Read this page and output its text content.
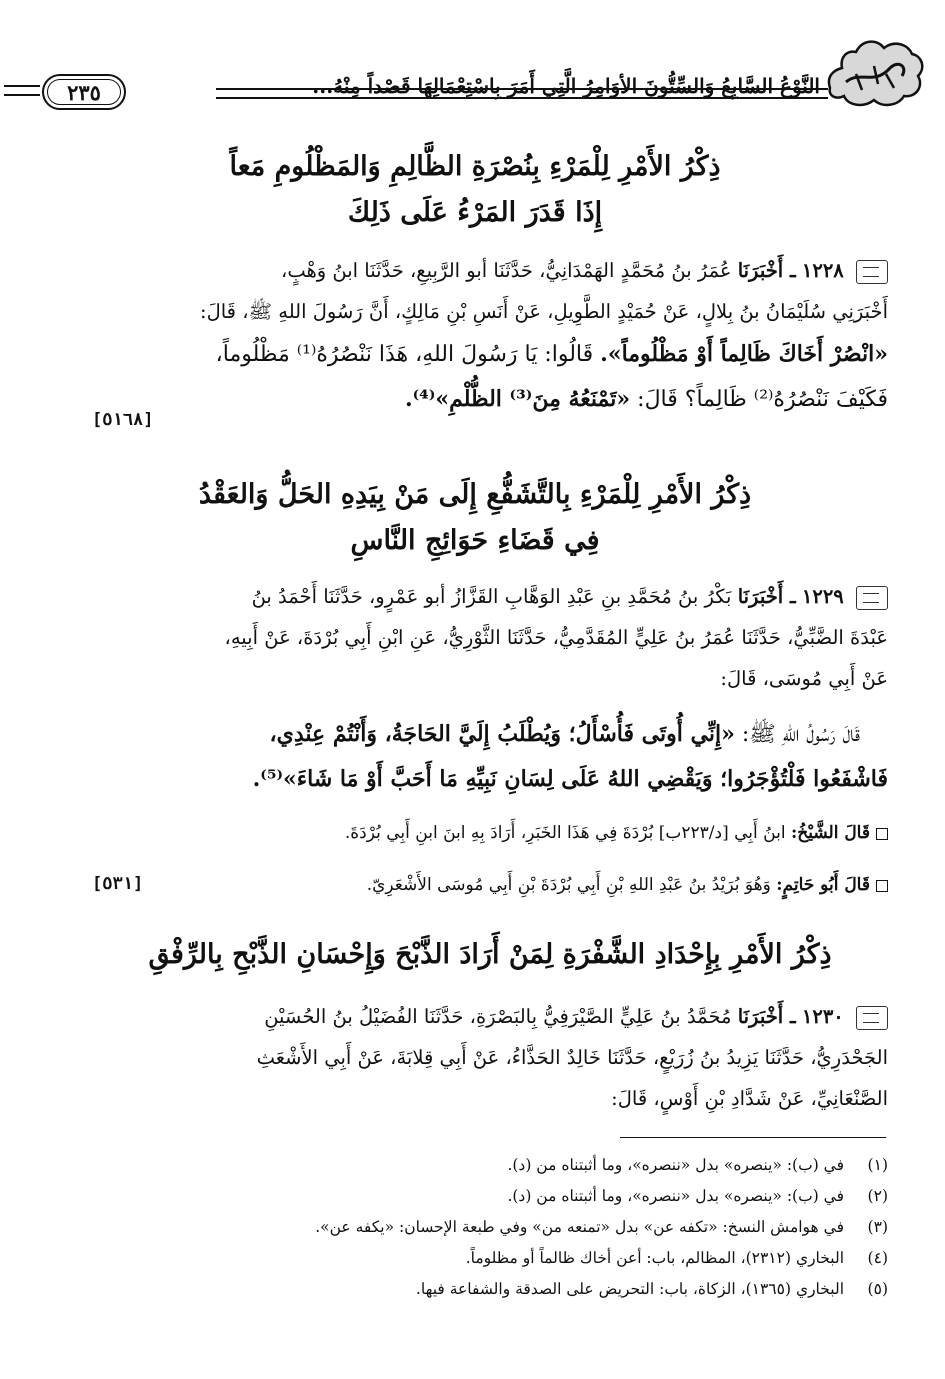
النَّوْعُ السَّابِعُ وَالسِّتُّونَ الأوَامِرُ الَّتِي أَمَرَ بِاسْتِعْمَالِهَا قَصْداً مِنْهُ...
٢٣٥
ذِكْرُ الأَمْرِ لِلْمَرْءِ بِنُصْرَةِ الظَّالِمِ وَالمَظْلُومِ مَعاً
إِذَا قَدَرَ المَرْءُ عَلَى ذَلِكَ
١٢٢٨ ـ أَخْبَرَنَا عُمَرُ بنُ مُحَمَّدٍ الهَمْدَانِيُّ، حَدَّثَنَا أبو الرَّبِيعِ، حَدَّثَنَا ابنُ وَهْبٍ،
أَخْبَرَنِي سُلَيْمَانُ بنُ بِلالٍ، عَنْ حُمَيْدٍ الطَّوِيلِ، عَنْ أَنَسِ بْنِ مَالِكٍ، أَنَّ رَسُولَ اللهِ ﷺ، قَالَ:
«انْصُرْ أَخَاكَ ظَالِماً أَوْ مَظْلُوماً». قَالُوا: يَا رَسُولَ اللهِ، هَذَا نَنْصُرُهُ⁽¹⁾ مَظْلُوماً،
فَكَيْفَ نَنْصُرُهُ⁽²⁾ ظَالِماً؟ قَالَ: «تَمْنَعُهُ مِنَ⁽³⁾ الظُّلْمِ»⁽⁴⁾.
[٥١٦٨]
ذِكْرُ الأَمْرِ لِلْمَرْءِ بِالتَّشَفُّعِ إِلَى مَنْ بِيَدِهِ الحَلُّ وَالعَقْدُ
فِي قَضَاءِ حَوَائِجِ النَّاسِ
١٢٢٩ ـ أَخْبَرَنَا بَكْرُ بنُ مُحَمَّدِ بنِ عَبْدِ الوَهَّابِ القَزَّازُ أبو عَمْرٍو، حَدَّثَنَا أَحْمَدُ بنُ
عَبْدَةَ الضَّبِّيُّ، حَدَّثَنَا عُمَرُ بنُ عَلِيٍّ المُقَدَّمِيُّ، حَدَّثَنَا الثَّوْرِيُّ، عَنِ ابْنِ أَبِي بُرْدَةَ، عَنْ أَبِيهِ،
عَنْ أَبِي مُوسَى، قَالَ:
قَالَ رَسُولُ اللهِ ﷺ: «إِنِّي أُوتَى فَأُسْأَلُ؛ وَيُطْلَبُ إِلَيَّ الحَاجَةُ، وَأَنْتُمْ عِنْدِي،
فَاشْفَعُوا فَلْتُؤْجَرُوا؛ وَيَقْضِي اللهُ عَلَى لِسَانِ نَبِيِّهِ مَا أَحَبَّ أَوْ مَا شَاءَ»⁽⁵⁾.
قَالَ الشَّيْخُ: ابنُ أَبِي [د/٢٢٣ب] بُرْدَةَ فِي هَذَا الخَبَرِ، أَرَادَ بِهِ ابنَ ابنِ أَبِي بُرْدَةَ.
قَالَ أَبُو حَاتِمٍ: وَهُوَ بُرَيْدُ بنُ عَبْدِ اللهِ بْنِ أَبِي بُرْدَةَ بْنِ أَبِي مُوسَى الأَشْعَرِيّ.
[٥٣١]
ذِكْرُ الأَمْرِ بِإِحْدَادِ الشَّفْرَةِ لِمَنْ أَرَادَ الذَّبْحَ وَإِحْسَانِ الذَّبْحِ بِالرِّفْقِ
١٢٣٠ ـ أَخْبَرَنَا مُحَمَّدُ بنُ عَلِيٍّ الصَّيْرَفِيُّ بِالبَصْرَةِ، حَدَّثَنَا الفُضَيْلُ بنُ الحُسَيْنِ
الجَحْدَرِيُّ، حَدَّثَنَا يَزِيدُ بنُ زُرَيْعٍ، حَدَّثَنَا خَالِدٌ الحَذَّاءُ، عَنْ أَبِي قِلابَةَ، عَنْ أَبِي الأَشْعَثِ
الصَّنْعَانِيِّ، عَنْ شَدَّادِ بْنِ أَوْسٍ، قَالَ:
(١)في (ب): «ينصره» بدل «ننصره»، وما أثبتناه من (د).
(٢)في (ب): «ينصره» بدل «ننصره»، وما أثبتناه من (د).
(٣)في هوامش النسخ: «تكفه عن» بدل «تمنعه من» وفي طبعة الإحسان: «يكفه عن».
(٤)البخاري (٢٣١٢)، المظالم، باب: أعن أخاك ظالماً أو مظلوماً.
(٥)البخاري (١٣٦٥)، الزكاة، باب: التحريض على الصدقة والشفاعة فيها.
